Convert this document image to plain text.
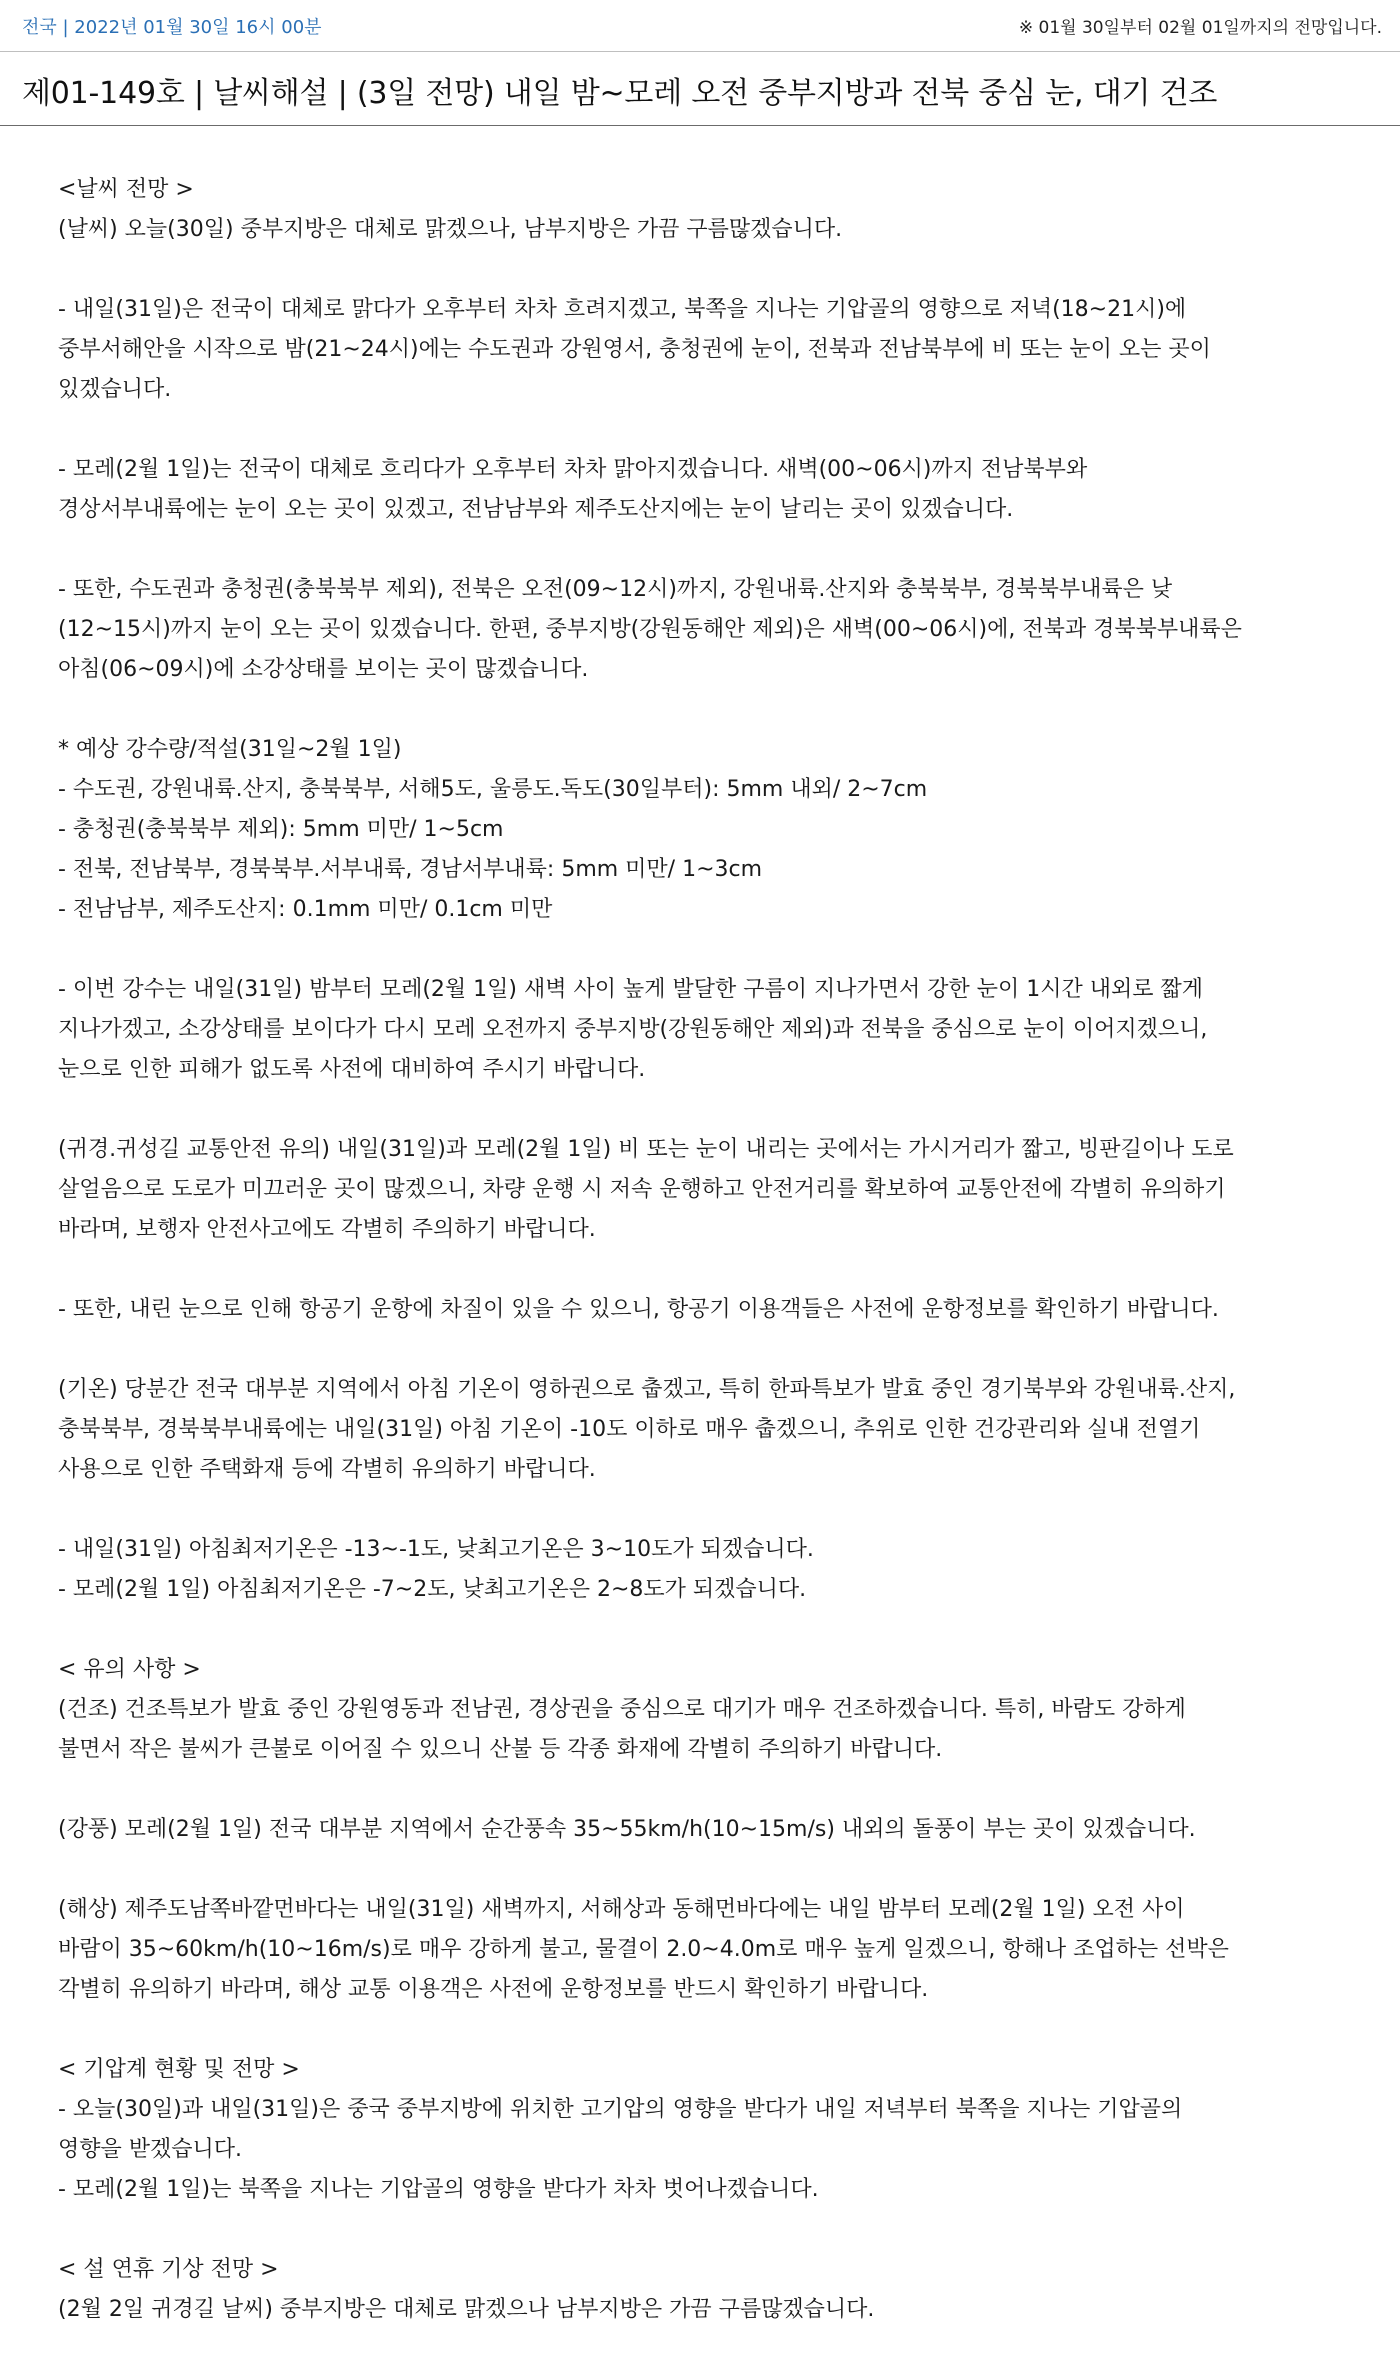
전국 | 2022년 01월 30일 16시 00분	※ 01월 30일부터 02월 01일까지의 전망입니다.
제01-149호 | 날씨해설 | (3일 전망) 내일 밤~모레 오전 중부지방과 전북 중심 눈, 대기 건조

<날씨 전망 >

(날씨) 오늘(30일) 중부지방은 대체로 맑겠으나, 남부지방은 가끔 구름많겠습니다.

- 내일(31일)은 전국이 대체로 맑다가 오후부터 차차 흐려지겠고, 북쪽을 지나는 기압골의 영향으로 저녁(18~21시)에

중부서해안을 시작으로 밤(21~24시)에는 수도권과 강원영서, 충청권에 눈이, 전북과 전남북부에 비 또는 눈이 오는 곳이

있겠습니다.

- 모레(2월 1일)는 전국이 대체로 흐리다가 오후부터 차차 맑아지겠습니다. 새벽(00~06시)까지 전남북부와

경상서부내륙에는 눈이 오는 곳이 있겠고, 전남남부와 제주도산지에는 눈이 날리는 곳이 있겠습니다.

- 또한, 수도권과 충청권(충북북부 제외), 전북은 오전(09~12시)까지, 강원내륙.산지와 충북북부, 경북북부내륙은 낮

(12~15시)까지 눈이 오는 곳이 있겠습니다. 한편, 중부지방(강원동해안 제외)은 새벽(00~06시)에, 전북과 경북북부내륙은

아침(06~09시)에 소강상태를 보이는 곳이 많겠습니다.

* 예상 강수량/적설(31일~2월 1일)

- 수도권, 강원내륙.산지, 충북북부, 서해5도, 울릉도.독도(30일부터): 5mm 내외/ 2~7cm

- 충청권(충북북부 제외): 5mm 미만/ 1~5cm

- 전북, 전남북부, 경북북부.서부내륙, 경남서부내륙: 5mm 미만/ 1~3cm

- 전남남부, 제주도산지: 0.1mm 미만/ 0.1cm 미만

- 이번 강수는 내일(31일) 밤부터 모레(2월 1일) 새벽 사이 높게 발달한 구름이 지나가면서 강한 눈이 1시간 내외로 짧게

지나가겠고, 소강상태를 보이다가 다시 모레 오전까지 중부지방(강원동해안 제외)과 전북을 중심으로 눈이 이어지겠으니,

눈으로 인한 피해가 없도록 사전에 대비하여 주시기 바랍니다.

(귀경.귀성길 교통안전 유의) 내일(31일)과 모레(2월 1일) 비 또는 눈이 내리는 곳에서는 가시거리가 짧고, 빙판길이나 도로

살얼음으로 도로가 미끄러운 곳이 많겠으니, 차량 운행 시 저속 운행하고 안전거리를 확보하여 교통안전에 각별히 유의하기

바라며, 보행자 안전사고에도 각별히 주의하기 바랍니다.

- 또한, 내린 눈으로 인해 항공기 운항에 차질이 있을 수 있으니, 항공기 이용객들은 사전에 운항정보를 확인하기 바랍니다.

(기온) 당분간 전국 대부분 지역에서 아침 기온이 영하권으로 춥겠고, 특히 한파특보가 발효 중인 경기북부와 강원내륙.산지,

충북북부, 경북북부내륙에는 내일(31일) 아침 기온이 -10도 이하로 매우 춥겠으니, 추위로 인한 건강관리와 실내 전열기

사용으로 인한 주택화재 등에 각별히 유의하기 바랍니다.

- 내일(31일) 아침최저기온은 -13~-1도, 낮최고기온은 3~10도가 되겠습니다.

- 모레(2월 1일) 아침최저기온은 -7~2도, 낮최고기온은 2~8도가 되겠습니다.

< 유의 사항 >

(건조) 건조특보가 발효 중인 강원영동과 전남권, 경상권을 중심으로 대기가 매우 건조하겠습니다. 특히, 바람도 강하게

불면서 작은 불씨가 큰불로 이어질 수 있으니 산불 등 각종 화재에 각별히 주의하기 바랍니다.

(강풍) 모레(2월 1일) 전국 대부분 지역에서 순간풍속 35~55km/h(10~15m/s) 내외의 돌풍이 부는 곳이 있겠습니다.

(해상) 제주도남쪽바깥먼바다는 내일(31일) 새벽까지, 서해상과 동해먼바다에는 내일 밤부터 모레(2월 1일) 오전 사이

바람이 35~60km/h(10~16m/s)로 매우 강하게 불고, 물결이 2.0~4.0m로 매우 높게 일겠으니, 항해나 조업하는 선박은

각별히 유의하기 바라며, 해상 교통 이용객은 사전에 운항정보를 반드시 확인하기 바랍니다.

< 기압계 현황 및 전망 >

- 오늘(30일)과 내일(31일)은 중국 중부지방에 위치한 고기압의 영향을 받다가 내일 저녁부터 북쪽을 지나는 기압골의

영향을 받겠습니다.

- 모레(2월 1일)는 북쪽을 지나는 기압골의 영향을 받다가 차차 벗어나겠습니다.

< 설 연휴 기상 전망 >

(2월 2일 귀경길 날씨) 중부지방은 대체로 맑겠으나 남부지방은 가끔 구름많겠습니다.
